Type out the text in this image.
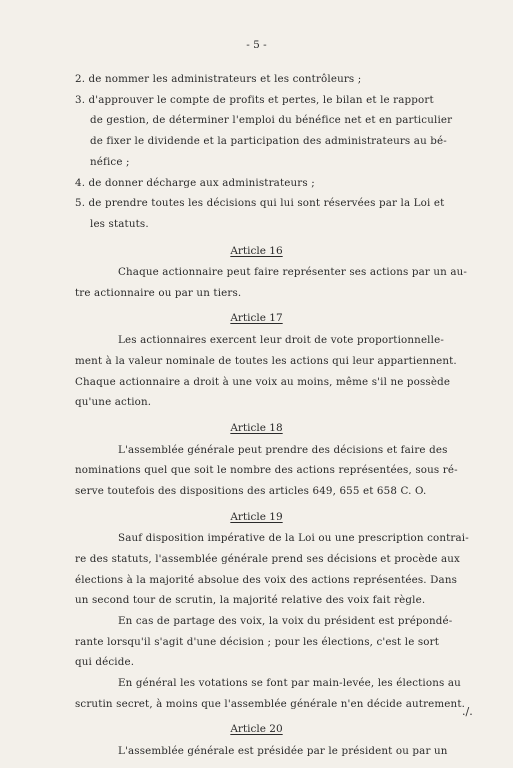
- 5 -
2. de nommer les administrateurs et les contrôleurs ;
3. d'approuver le compte de profits et pertes, le bilan et le rapport
de gestion, de déterminer l'emploi du bénéfice net et en particulier
de fixer le dividende et la participation des administrateurs au bé-
néfice ;
4. de donner décharge aux administrateurs ;
5. de prendre toutes les décisions qui lui sont réservées par la Loi et
les statuts.
Article 16
Chaque actionnaire peut faire représenter ses actions par un au-
tre actionnaire ou par un tiers.
Article 17
Les actionnaires exercent leur droit de vote proportionnelle-
ment à la valeur nominale de toutes les actions qui leur appartiennent.
Chaque actionnaire a droit à une voix au moins, même s'il ne possède
qu'une action.
Article 18
L'assemblée générale peut prendre des décisions et faire des
nominations quel que soit le nombre des actions représentées, sous ré-
serve toutefois des dispositions des articles 649, 655 et 658 C. O.
Article 19
Sauf disposition impérative de la Loi ou une prescription contrai-
re des statuts, l'assemblée générale prend ses décisions et procède aux
élections à la majorité absolue des voix des actions représentées. Dans
un second tour de scrutin, la majorité relative des voix fait règle.
En cas de partage des voix, la voix du président est prépondé-
rante lorsqu'il s'agit d'une décision ; pour les élections, c'est le sort
qui décide.
En général les votations se font par main-levée, les élections au
scrutin secret, à moins que l'assemblée générale n'en décide autrement.
Article 20
L'assemblée générale est présidée par le président ou par un
./.
